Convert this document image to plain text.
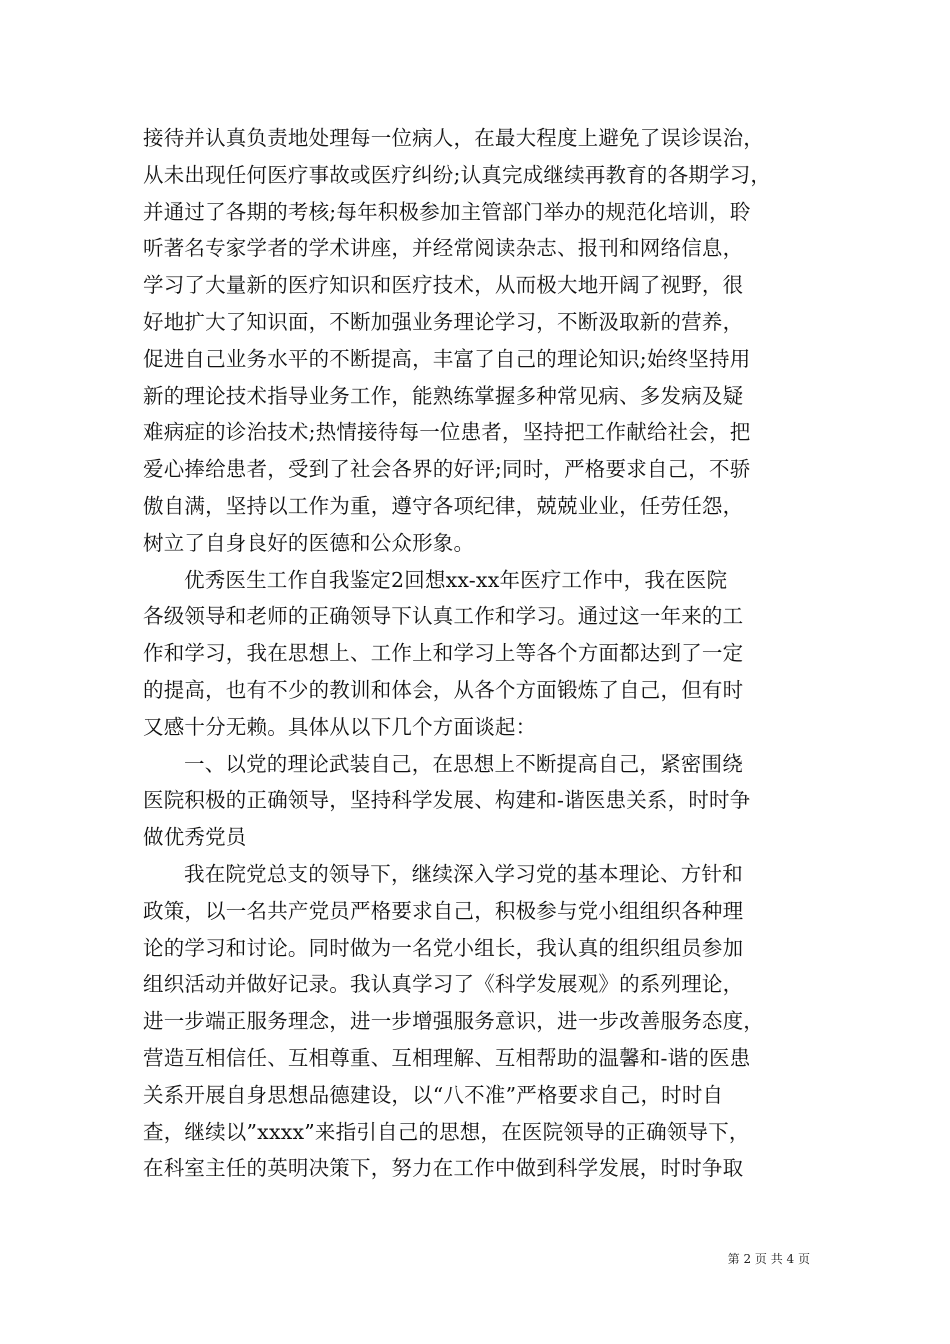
接待并认真负责地处理每一位病人，在最大程度上避免了误诊误治，
从未出现任何医疗事故或医疗纠纷;认真完成继续再教育的各期学习，
并通过了各期的考核;每年积极参加主管部门举办的规范化培训，聆
听著名专家学者的学术讲座，并经常阅读杂志、报刊和网络信息，
学习了大量新的医疗知识和医疗技术，从而极大地开阔了视野，很
好地扩大了知识面，不断加强业务理论学习，不断汲取新的营养，
促进自己业务水平的不断提高，丰富了自己的理论知识;始终坚持用
新的理论技术指导业务工作，能熟练掌握多种常见病、多发病及疑
难病症的诊治技术;热情接待每一位患者，坚持把工作献给社会，把
爱心捧给患者，受到了社会各界的好评;同时，严格要求自己，不骄
傲自满，坚持以工作为重，遵守各项纪律，兢兢业业，任劳任怨，
树立了自身良好的医德和公众形象。
优秀医生工作自我鉴定2回想xx-xx年医疗工作中，我在医院
各级领导和老师的正确领导下认真工作和学习。通过这一年来的工
作和学习，我在思想上、工作上和学习上等各个方面都达到了一定
的提高，也有不少的教训和体会，从各个方面锻炼了自己，但有时
又感十分无赖。具体从以下几个方面谈起：
一、以党的理论武装自己，在思想上不断提高自己，紧密围绕
医院积极的正确领导，坚持科学发展、构建和-谐医患关系，时时争
做优秀党员
我在院党总支的领导下，继续深入学习党的基本理论、方针和
政策，以一名共产党员严格要求自己，积极参与党小组组织各种理
论的学习和讨论。同时做为一名党小组长，我认真的组织组员参加
组织活动并做好记录。我认真学习了《科学发展观》的系列理论，
进一步端正服务理念，进一步增强服务意识，进一步改善服务态度，
营造互相信任、互相尊重、互相理解、互相帮助的温馨和-谐的医患
关系开展自身思想品德建设，以“八不准”严格要求自己，时时自
查，继续以”xxxx”来指引自己的思想，在医院领导的正确领导下，
在科室主任的英明决策下，努力在工作中做到科学发展，时时争取
第 2 页 共 4 页
